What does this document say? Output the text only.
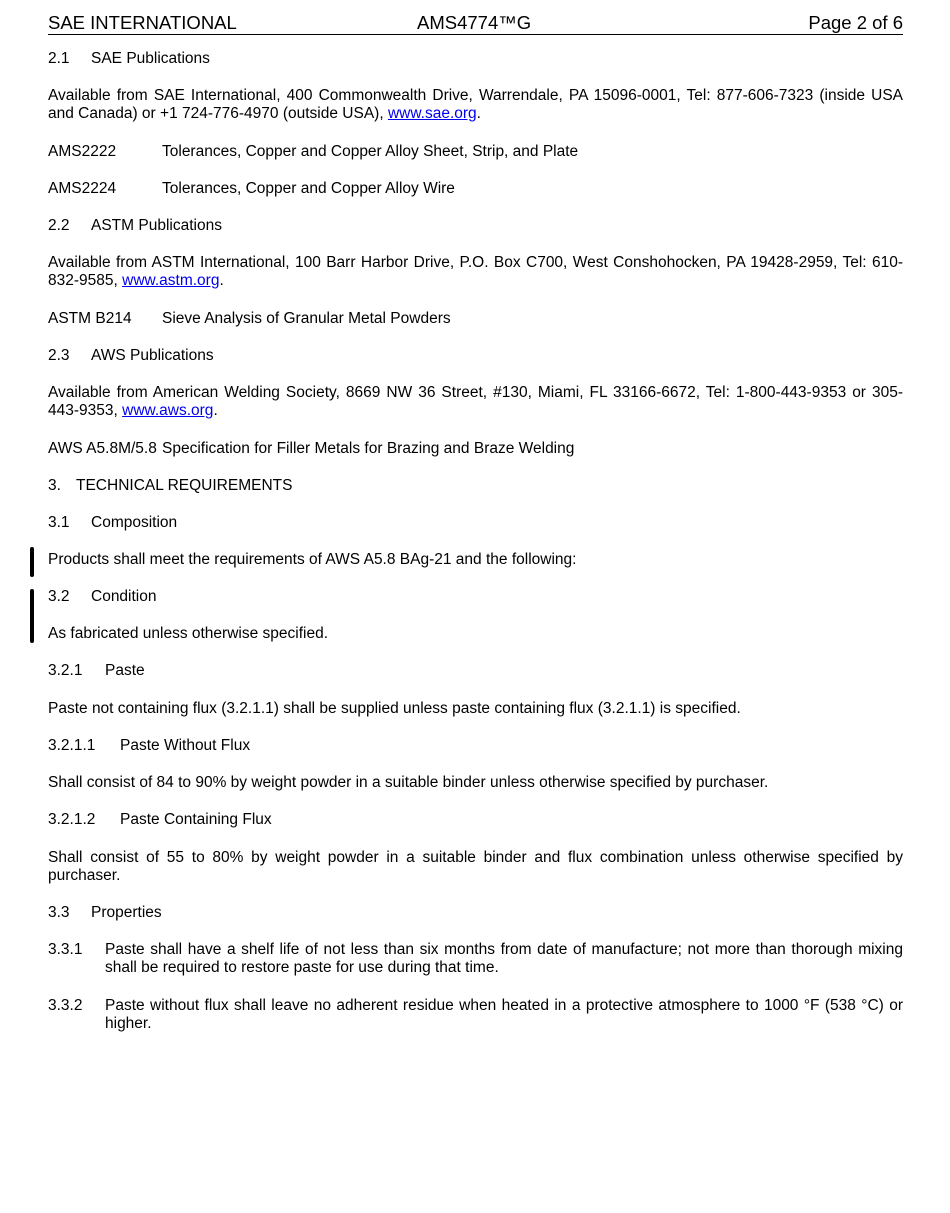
SAE INTERNATIONAL	AMS4774™G	Page 2 of 6
2.1 SAE Publications
Available from SAE International, 400 Commonwealth Drive, Warrendale, PA 15096-0001, Tel: 877-606-7323 (inside USA and Canada) or +1 724-776-4970 (outside USA), www.sae.org.
AMS2222	Tolerances, Copper and Copper Alloy Sheet, Strip, and Plate
AMS2224	Tolerances, Copper and Copper Alloy Wire
2.2 ASTM Publications
Available from ASTM International, 100 Barr Harbor Drive, P.O. Box C700, West Conshohocken, PA 19428-2959, Tel: 610-832-9585, www.astm.org.
ASTM B214 Sieve Analysis of Granular Metal Powders
2.3 AWS Publications
Available from American Welding Society, 8669 NW 36 Street, #130, Miami, FL 33166-6672, Tel: 1-800-443-9353 or 305-443-9353, www.aws.org.
AWS A5.8M/5.8 Specification for Filler Metals for Brazing and Braze Welding
3. TECHNICAL REQUIREMENTS
3.1 Composition
Products shall meet the requirements of AWS A5.8 BAg-21 and the following:
3.2 Condition
As fabricated unless otherwise specified.
3.2.1 Paste
Paste not containing flux (3.2.1.1) shall be supplied unless paste containing flux (3.2.1.1) is specified.
3.2.1.1 Paste Without Flux
Shall consist of 84 to 90% by weight powder in a suitable binder unless otherwise specified by purchaser.
3.2.1.2 Paste Containing Flux
Shall consist of 55 to 80% by weight powder in a suitable binder and flux combination unless otherwise specified by purchaser.
3.3 Properties
3.3.1 Paste shall have a shelf life of not less than six months from date of manufacture; not more than thorough mixing shall be required to restore paste for use during that time.
3.3.2 Paste without flux shall leave no adherent residue when heated in a protective atmosphere to 1000 °F (538 °C) or higher.
